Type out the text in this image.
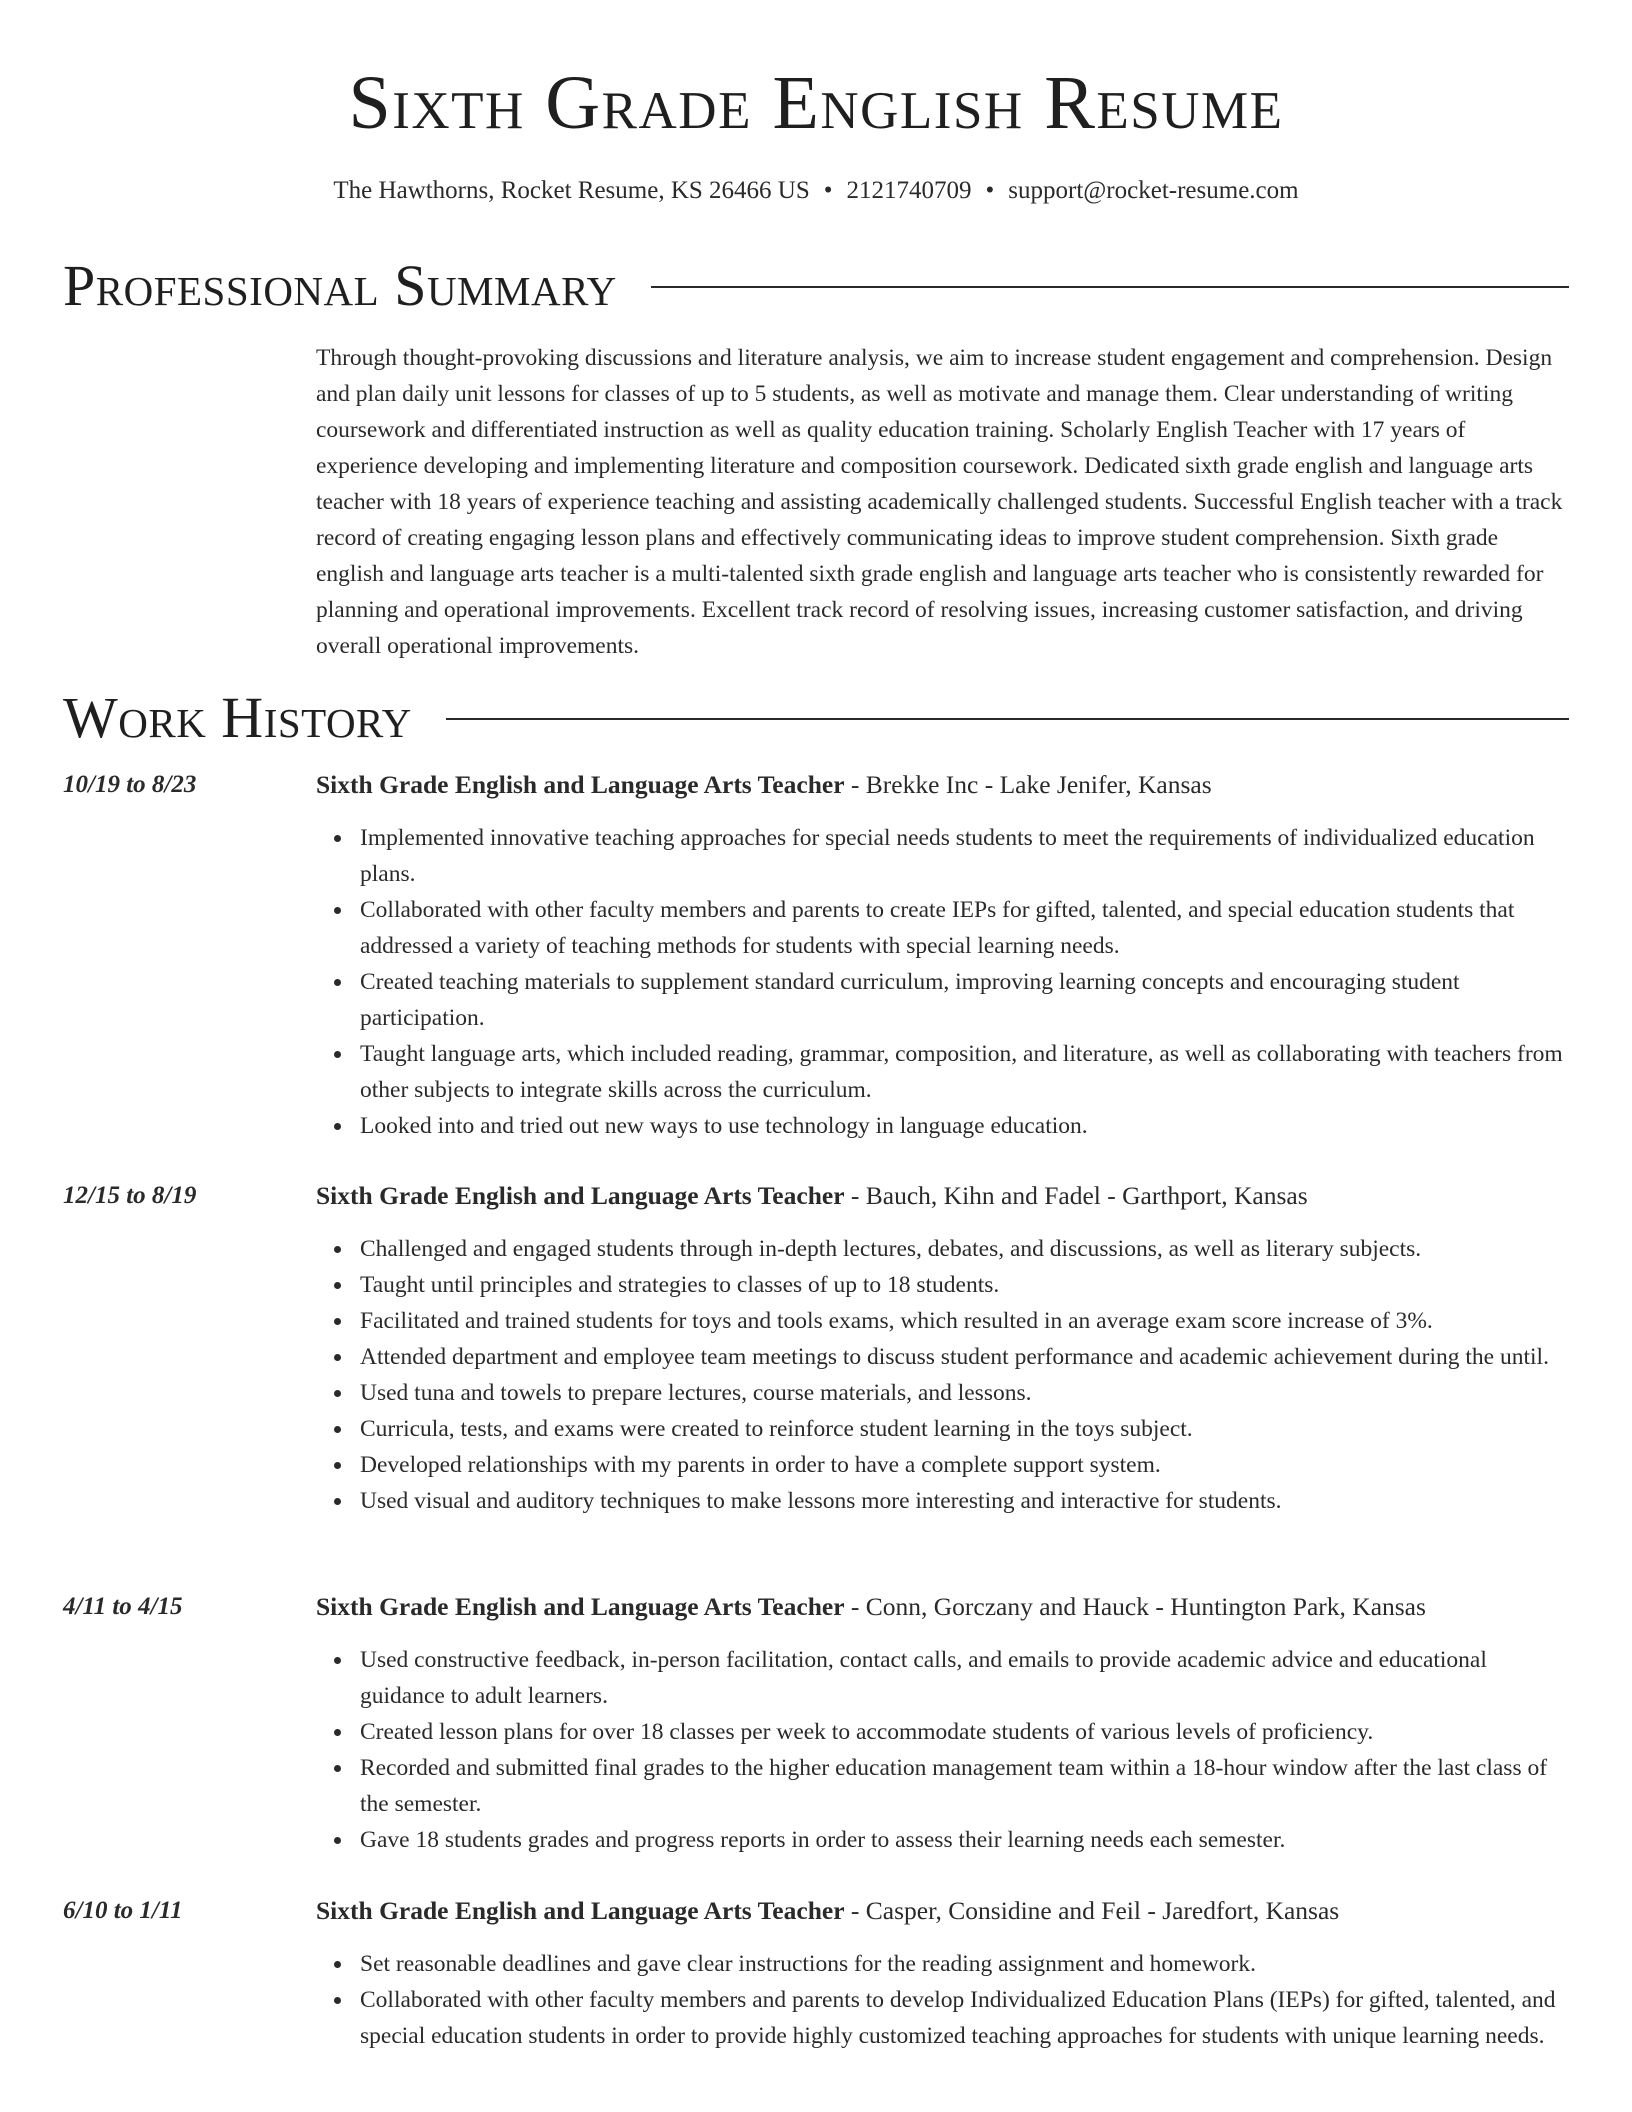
Sixth Grade English Resume
The Hawthorns, Rocket Resume, KS 26466 US • 2121740709 • support@rocket-resume.com
Professional Summary

Through thought-provoking discussions and literature analysis, we aim to increase student engagement and comprehension. Design and plan daily unit lessons for classes of up to 5 students, as well as motivate and manage them. Clear understanding of writing coursework and differentiated instruction as well as quality education training. Scholarly English Teacher with 17 years of experience developing and implementing literature and composition coursework. Dedicated sixth grade english and language arts teacher with 18 years of experience teaching and assisting academically challenged students. Successful English teacher with a track record of creating engaging lesson plans and effectively communicating ideas to improve student comprehension. Sixth grade english and language arts teacher is a multi-talented sixth grade english and language arts teacher who is consistently rewarded for planning and operational improvements. Excellent track record of resolving issues, increasing customer satisfaction, and driving overall operational improvements.

Work History
10/19 to 8/23	Sixth Grade English and Language Arts Teacher - Brekke Inc - Lake Jenifer, Kansas

Implemented innovative teaching approaches for special needs students to meet the requirements of individualized education plans.
Collaborated with other faculty members and parents to create IEPs for gifted, talented, and special education students that addressed a variety of teaching methods for students with special learning needs.
Created teaching materials to supplement standard curriculum, improving learning concepts and encouraging student participation.
Taught language arts, which included reading, grammar, composition, and literature, as well as collaborating with teachers from other subjects to integrate skills across the curriculum.
Looked into and tried out new ways to use technology in language education.
12/15 to 8/19	Sixth Grade English and Language Arts Teacher - Bauch, Kihn and Fadel - Garthport, Kansas

Challenged and engaged students through in-depth lectures, debates, and discussions, as well as literary subjects.
Taught until principles and strategies to classes of up to 18 students.
Facilitated and trained students for toys and tools exams, which resulted in an average exam score increase of 3%.
Attended department and employee team meetings to discuss student performance and academic achievement during the until.
Used tuna and towels to prepare lectures, course materials, and lessons.
Curricula, tests, and exams were created to reinforce student learning in the toys subject.
Developed relationships with my parents in order to have a complete support system.
Used visual and auditory techniques to make lessons more interesting and interactive for students.
4/11 to 4/15	Sixth Grade English and Language Arts Teacher - Conn, Gorczany and Hauck - Huntington Park, Kansas

Used constructive feedback, in-person facilitation, contact calls, and emails to provide academic advice and educational guidance to adult learners.
Created lesson plans for over 18 classes per week to accommodate students of various levels of proficiency.
Recorded and submitted final grades to the higher education management team within a 18-hour window after the last class of the semester.
Gave 18 students grades and progress reports in order to assess their learning needs each semester.
6/10 to 1/11	Sixth Grade English and Language Arts Teacher - Casper, Considine and Feil - Jaredfort, Kansas

Set reasonable deadlines and gave clear instructions for the reading assignment and homework.
Collaborated with other faculty members and parents to develop Individualized Education Plans (IEPs) for gifted, talented, and special education students in order to provide highly customized teaching approaches for students with unique learning needs.
